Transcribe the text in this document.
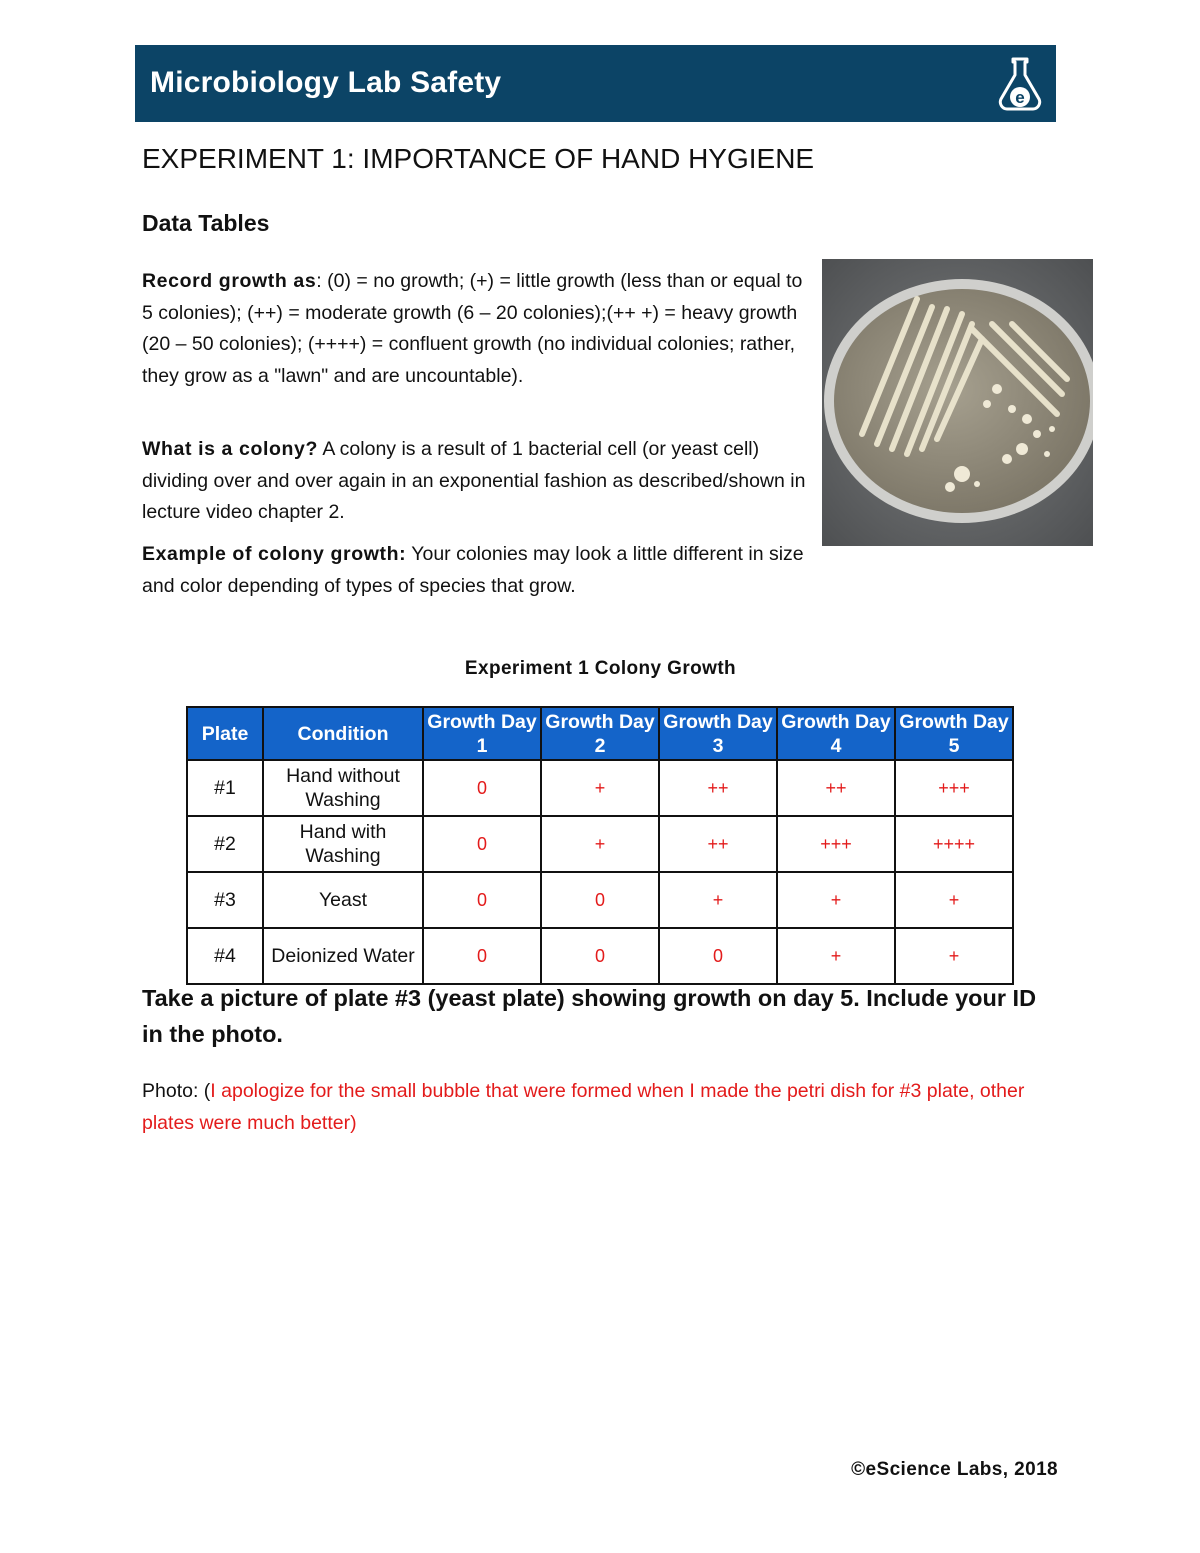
Microbiology Lab Safety	e
EXPERIMENT 1: IMPORTANCE OF HAND HYGIENE
Data Tables
Record growth as: (0) = no growth; (+) = little growth (less than or equal to 5 colonies); (++) = moderate growth (6 – 20 colonies);(++ +) = heavy growth (20 – 50 colonies); (++++) = confluent growth (no individual colonies; rather, they grow as a "lawn" and are uncountable).
What is a colony? A colony is a result of 1 bacterial cell (or yeast cell) dividing over and over again in an exponential fashion as described/shown in lecture video chapter 2.
Example of colony growth: Your colonies may look a little different in size and color depending of types of species that grow.
Experiment 1 Colony Growth
Plate	Condition	Growth Day 1	Growth Day 2	Growth Day 3	Growth Day 4	Growth Day 5
#1	Hand without Washing	0	+	++	++	+++
#2	Hand with Washing	0	+	++	+++	++++
#3	Yeast	0	0	+	+	+
#4	Deionized Water	0	0	0	+	+
Take a picture of plate #3 (yeast plate) showing growth on day 5. Include your ID in the photo.
Photo: (I apologize for the small bubble that were formed when I made the petri dish for #3 plate, other plates were much better)
©eScience Labs, 2018
